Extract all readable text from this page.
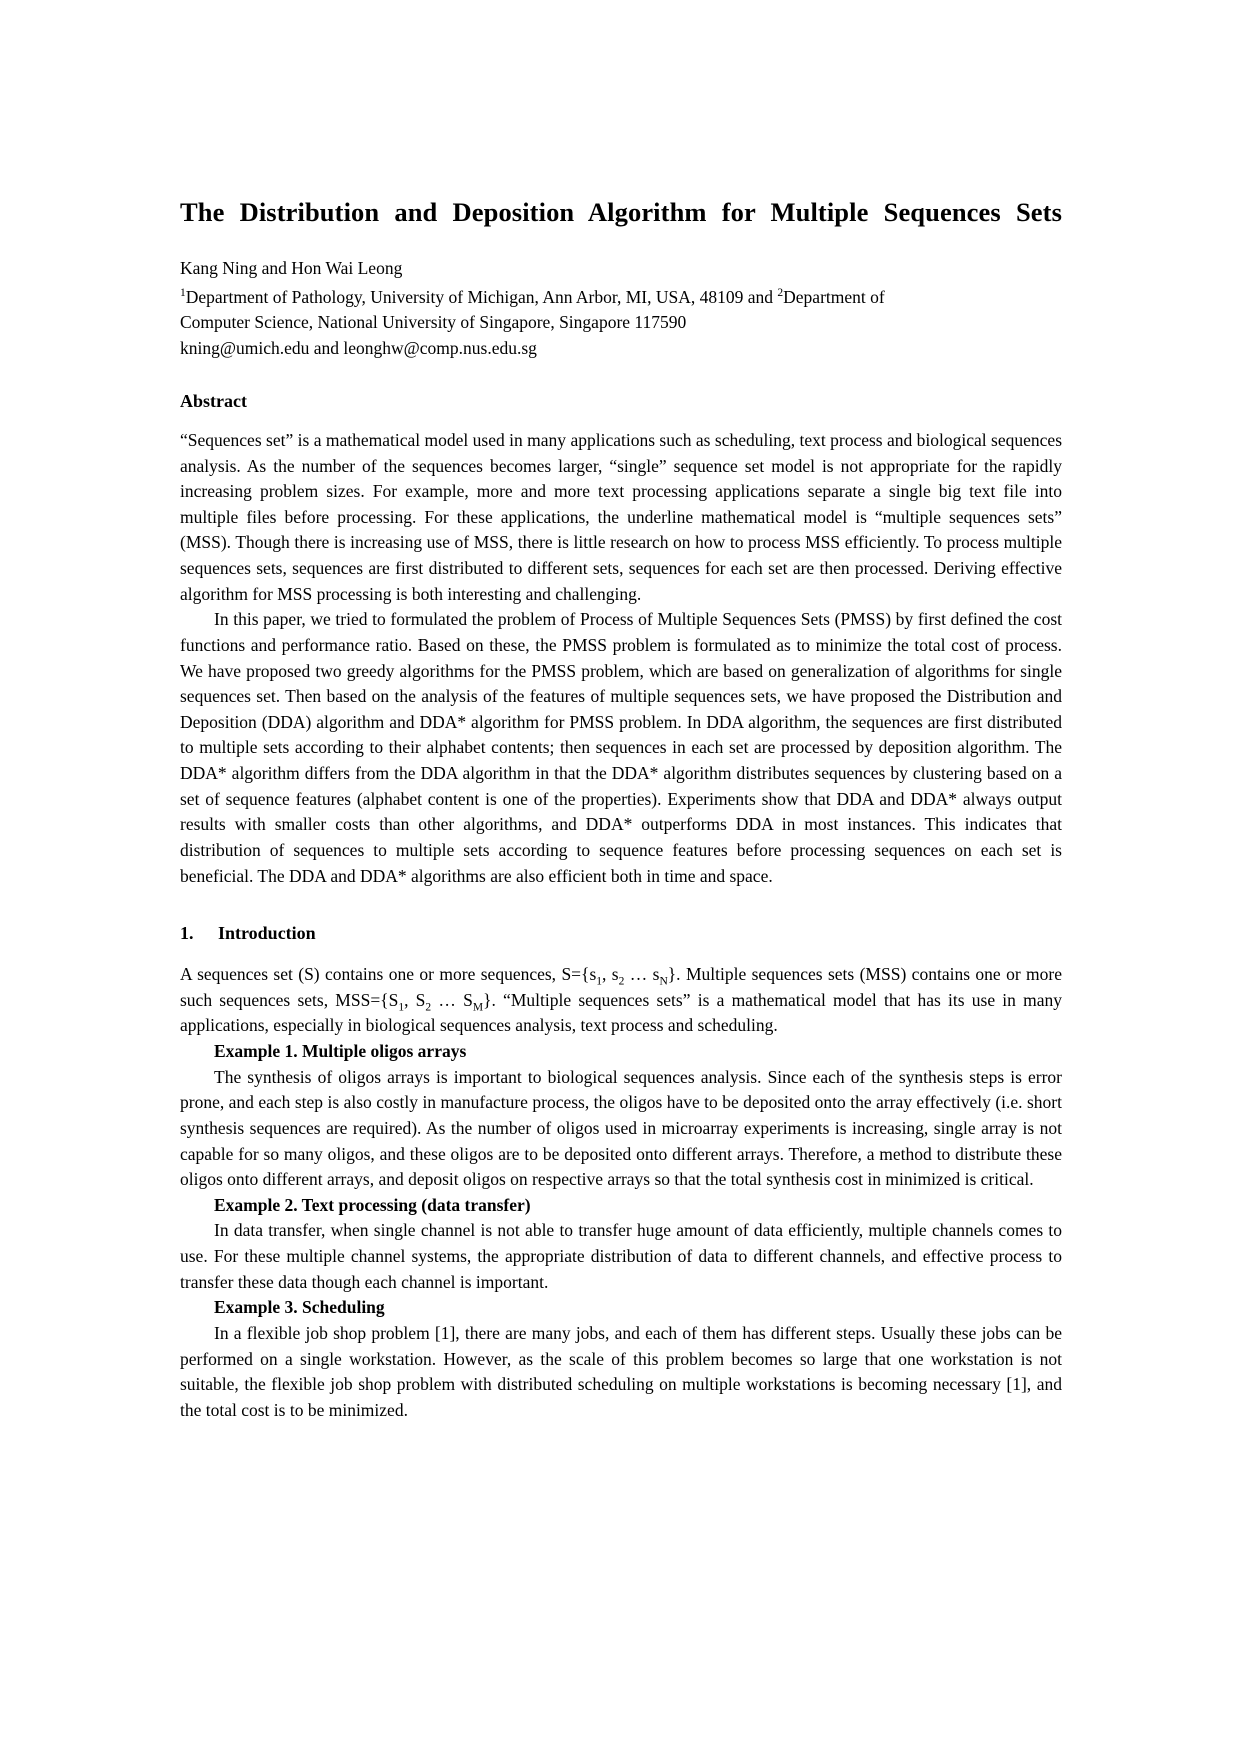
The Distribution and Deposition Algorithm for Multiple Sequences Sets
Kang Ning and Hon Wai Leong
$^1$Department of Pathology, University of Michigan, Ann Arbor, MI, USA, 48109 and $^2$Department of
Computer Science, National University of Singapore, Singapore 117590
kning@umich.edu and leonghw@comp.nus.edu.sg
Abstract

“Sequences set” is a mathematical model used in many applications such as scheduling, text process and biological sequences analysis. As the number of the sequences becomes larger, “single” sequence set model is not appropriate for the rapidly increasing problem sizes. For example, more and more text processing applications separate a single big text file into multiple files before processing. For these applications, the underline mathematical model is “multiple sequences sets” (MSS). Though there is increasing use of MSS, there is little research on how to process MSS efficiently. To process multiple sequences sets, sequences are first distributed to different sets, sequences for each set are then processed. Deriving effective algorithm for MSS processing is both interesting and challenging.

In this paper, we tried to formulated the problem of Process of Multiple Sequences Sets (PMSS) by first defined the cost functions and performance ratio. Based on these, the PMSS problem is formulated as to minimize the total cost of process. We have proposed two greedy algorithms for the PMSS problem, which are based on generalization of algorithms for single sequences set. Then based on the analysis of the features of multiple sequences sets, we have proposed the Distribution and Deposition (DDA) algorithm and DDA* algorithm for PMSS problem. In DDA algorithm, the sequences are first distributed to multiple sets according to their alphabet contents; then sequences in each set are processed by deposition algorithm. The DDA* algorithm differs from the DDA algorithm in that the DDA* algorithm distributes sequences by clustering based on a set of sequence features (alphabet content is one of the properties). Experiments show that DDA and DDA* always output results with smaller costs than other algorithms, and DDA* outperforms DDA in most instances. This indicates that distribution of sequences to multiple sets according to sequence features before processing sequences on each set is beneficial. The DDA and DDA* algorithms are also efficient both in time and space.

1. Introduction

A sequences set (S) contains one or more sequences, $S=\{s_1$, $s_2$ … $s_N$}. Multiple sequences sets (MSS) contains one or more such sequences sets, $MSS=\{S_1$, $S_2$ … $S_M$}. “Multiple sequences sets” is a mathematical model that has its use in many applications, especially in biological sequences analysis, text process and scheduling.

Example 1. Multiple oligos arrays

The synthesis of oligos arrays is important to biological sequences analysis. Since each of the synthesis steps is error prone, and each step is also costly in manufacture process, the oligos have to be deposited onto the array effectively (i.e. short synthesis sequences are required). As the number of oligos used in microarray experiments is increasing, single array is not capable for so many oligos, and these oligos are to be deposited onto different arrays. Therefore, a method to distribute these oligos onto different arrays, and deposit oligos on respective arrays so that the total synthesis cost in minimized is critical.

Example 2. Text processing (data transfer)

In data transfer, when single channel is not able to transfer huge amount of data efficiently, multiple channels comes to use. For these multiple channel systems, the appropriate distribution of data to different channels, and effective process to transfer these data though each channel is important.

Example 3. Scheduling

In a flexible job shop problem [1], there are many jobs, and each of them has different steps. Usually these jobs can be performed on a single workstation. However, as the scale of this problem becomes so large that one workstation is not suitable, the flexible job shop problem with distributed scheduling on multiple workstations is becoming necessary [1], and the total cost is to be minimized.
